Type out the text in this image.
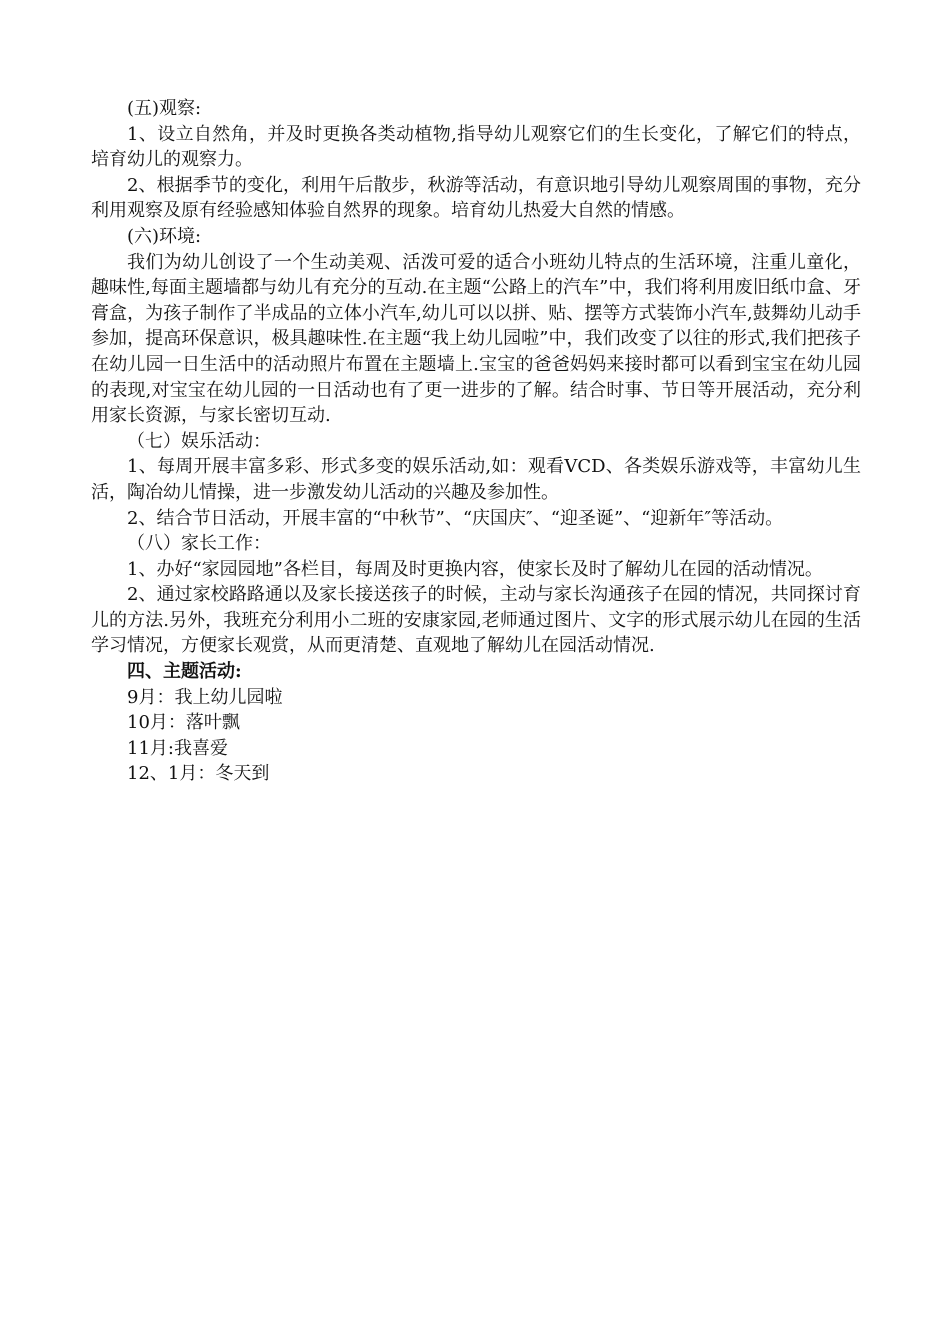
(五)观察:

1、设立自然角，并及时更换各类动植物,指导幼儿观察它们的生长变化，了解它们的特点，培育幼儿的观察力。

2、根据季节的变化，利用午后散步，秋游等活动，有意识地引导幼儿观察周围的事物，充分利用观察及原有经验感知体验自然界的现象。培育幼儿热爱大自然的情感。

(六)环境:

我们为幼儿创设了一个生动美观、活泼可爱的适合小班幼儿特点的生活环境，注重儿童化，趣味性,每面主题墙都与幼儿有充分的互动.在主题“公路上的汽车”中，我们将利用废旧纸巾盒、牙膏盒，为孩子制作了半成品的立体小汽车,幼儿可以以拼、贴、摆等方式装饰小汽车,鼓舞幼儿动手参加，提高环保意识，极具趣味性.在主题“我上幼儿园啦”中，我们改变了以往的形式,我们把孩子在幼儿园一日生活中的活动照片布置在主题墙上.宝宝的爸爸妈妈来接时都可以看到宝宝在幼儿园的表现,对宝宝在幼儿园的一日活动也有了更一进步的了解。结合时事、节日等开展活动，充分利用家长资源，与家长密切互动.

（七）娱乐活动：

1、每周开展丰富多彩、形式多变的娱乐活动,如：观看VCD、各类娱乐游戏等，丰富幼儿生活，陶冶幼儿情操，进一步激发幼儿活动的兴趣及参加性。

2、结合节日活动，开展丰富的“中秋节”、“庆国庆″、“迎圣诞”、“迎新年″等活动。

（八）家长工作：

1、办好“家园园地”各栏目，每周及时更换内容，使家长及时了解幼儿在园的活动情况。

2、通过家校路路通以及家长接送孩子的时候，主动与家长沟通孩子在园的情况，共同探讨育儿的方法.另外，我班充分利用小二班的安康家园,老师通过图片、文字的形式展示幼儿在园的生活学习情况，方便家长观赏，从而更清楚、直观地了解幼儿在园活动情况.

四、主题活动:

9月：我上幼儿园啦

10月：落叶飘

11月:我喜爱

12、1月：冬天到
